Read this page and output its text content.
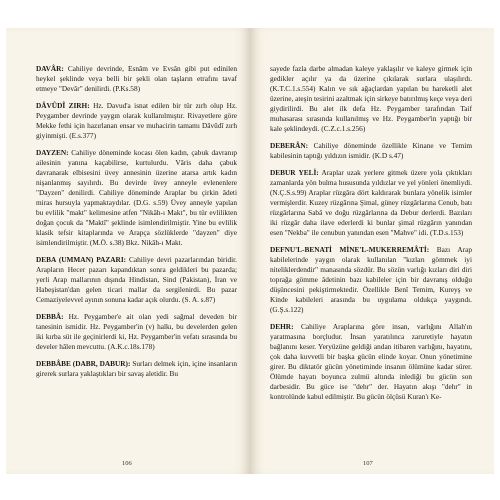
DAVÂR: Cahiliye devrinde, Esnâm ve Evsân gibi put edinilen heykel şeklinde veya belli bir şekli olan taşların etrafını tavaf etmeye "Devâr" denilirdi. (P.Ks.58)

DÂVÛDÎ ZIRH: Hz. Davud'a isnat edilen bir tür zırh olup Hz. Peygamber devrinde yaygın olarak kullanılmıştır. Rivayetlere göre Mekke fethi için hazırlanan ensar ve muhacirin tamamı Dâvûdî zırh giyinmişti. (E.s.377)

DAYZEN: Cahiliye döneminde kocası ölen kadın, çabuk davranıp ailesinin yanına kaçabilirse, kurtulurdu. Vâris daha çabuk davranarak elbisesini üvey annesinin üzerine atarsa artık kadın nişanlanmış sayılırdı. Bu devirde üvey anneyle evlenenlere "Dayzen" denilirdi. Cahiliye döneminde Araplar bu çirkin âdeti miras hursuyla yapmaktaydılar. (D.G. s.59) Üvey anneyle yapılan bu evlilik "makt" kelimesine atfen "Nikâh-ı Makt", bu tür evlilikten doğan çocuk da "Maktî" şeklinde isimlendirilmiştir. Yine bu evlilik klasik tefsir kitaplarında ve Arapça sözlüklerde "dayzen" diye isimlendirilmiştir. (M.Ö. s.38) Bkz. Nikâh-ı Makt.

DEBA (UMMAN) PAZARI: Cahiliye devri pazarlarından biridir. Arapların Hecer pazarı kapandıktan sonra geldikleri bu pazarda; yerli Arap mallarının dışında Hindistan, Sind (Pakistan), İran ve Habeşistan'dan gelen ticari mallar da sergilenirdi. Bu pazar Cemaziyelevvel ayının sonuna kadar açık olurdu. (S. A. s.87)

DEBBÂ: Hz. Peygamber'e ait olan yedi sağmal deveden bir tanesinin ismidir. Hz. Peygamber'in (v) halkı, bu develerden gelen iki kırba süt ile geçinirlerdi ki, Hz. Peygamber'in vefatı sırasında bu develer hâlen mevcuttu. (A.K.c.18s.178)

DEBBÂBE (DABR, DABUR): Surları delmek için, içine insanların girerek surlara yaklaştıkları bir savaş aletidir. Bu

106

sayede fazla darbe almadan kaleye yaklaşılır ve kaleye girmek için gedikler açılır ya da üzerine çıkılarak surlara ulaşılırdı. (K.T.C.1.s.554) Kalın ve sık ağaçlardan yapılan bu hareketli alet üzerine, ateşin tesirini azaltmak için sirkeye batırılmış keçe veya deri giydirilirdi. Bu alet ilk defa Hz. Peygamber tarafından Taif muhasarası sırasında kullanılmış ve Hz. Peygamber'in yaptığı bir kale şeklindeydi. (C.Z.c.1.s.256)

DEBERÂN: Cahiliye döneminde özellikle Kinane ve Temim kabilesinin taptığı yıldızın ismidir. (K.D s.47)

DEBUR YELİ: Araplar uzak yerlere gitmek üzere yola çıktıkları zamanlarda yön bulma hususunda yıldızlar ve yel yönleri önemliydi. (N.Ç.S.s.99) Araplar rüzgâra dört kaldırarak bunlara yönelik isimler vermişlerdir. Kuzey rüzgârına Şimal, güney rüzgârlarına Cenub, batı rüzgârlarına Sabâ ve doğu rüzgârlarına da Debur derlerdi. Bazıları iki rüzgâr daha ilave ederlerdi ki bunlar şimal rüzgârın yanından esen "Nekba" ile cenubun yanından esen "Mahve" idi. (T.D.s.153)

DEFNU'L-BENATİ MİNE'L-MUKERREMÂTİ: Bazı Arap kabilelerinde yaygın olarak kullanılan "kızları gömmek iyi niteliklerdendir" manasında sözdür. Bu sözün varlığı kızları diri diri toprağa gömme âdetinin bazı kabileler için bir davranış olduğu düşüncesini pekiştirmektedir. Özellikle Benî Temim, Kureyş ve Kinde kabileleri arasında bu uygulama oldukça yaygındı. (G.Ş.s.122)

DEHR: Cahiliye Araplarına göre insan, varlığını Allah'ın yaratmasına borçludur. İnsan yaratılınca zaruretiyle hayatın bağlanını keser. Yeryüzüne geldiği andan itibaren varlığını, hayatını, çok daha kuvvetli bir başka gücün elinde koyar. Onun yönetimine girer. Bu diktatör gücün yönetiminde insanın ölümüne kadar sürer. Ölümde hayatı boyunca zulmü altında inlediği bu gücün son darbesidir. Bu güce ise "dehr" der. Hayatın akışı "dehr" in kontrolünde kabul edilmiştir. Bu gücün ölçüsü Kuran'ı Ke-

107
